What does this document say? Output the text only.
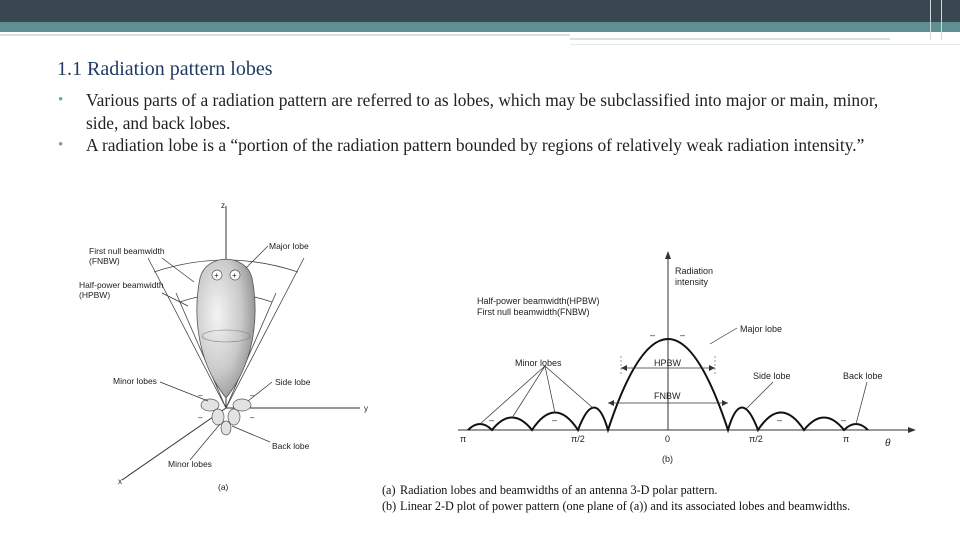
1.1 Radiation pattern lobes
• Various parts of a radiation pattern are referred to as lobes, which may be subclassified into major or main, minor, side, and back lobes.
• A radiation lobe is a “portion of the radiation pattern bounded by regions of relatively weak radiation intensity.”
z
y
x
+ +
–	–
–	–
First null beamwidth
(FNBW)
Half-power beamwidth
(HPBW)
Major lobe
Minor lobes	Side lobe
Back lobe
Minor lobes
(a)
–	–
–	–	–	–
Radiation
intensity
Half-power beamwidth(HPBW)
First null beamwidth(FNBW)
Major lobe
Minor lobes	HPBW
FNBW
Side lobe	Back lobe
π	π/2	0	π/2	π	θ
(b)
(a) Radiation lobes and beamwidths of an antenna 3-D polar pattern.
(b) Linear 2-D plot of power pattern (one plane of (a)) and its associated lobes and beamwidths.
